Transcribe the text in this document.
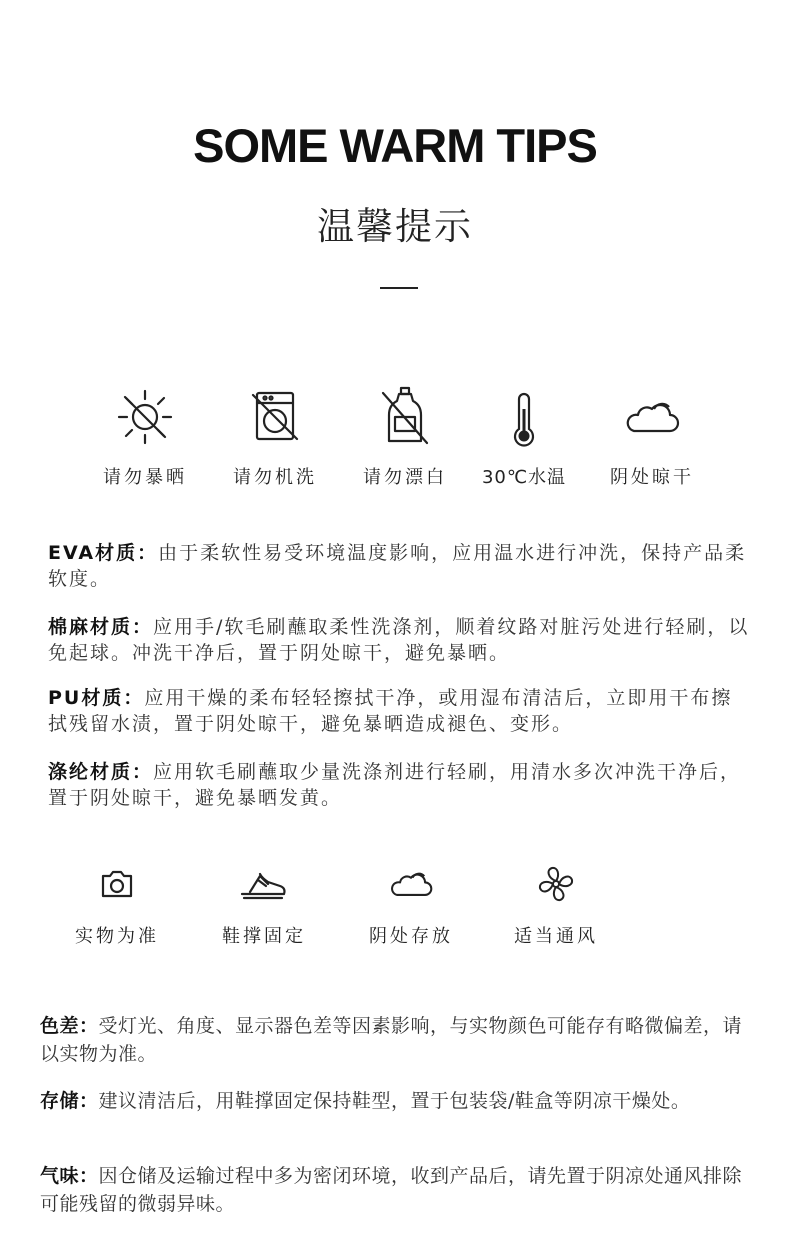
SOME WARM TIPS
温馨提示
请勿暴晒	请勿机洗	请勿漂白	30℃水温	阴处晾干

EVA材质：由于柔软性易受环境温度影响，应用温水进行冲洗，保持产品柔软度。

棉麻材质：应用手/软毛刷蘸取柔性洗涤剂，顺着纹路对脏污处进行轻刷，以免起球。冲洗干净后，置于阴处晾干，避免暴晒。

PU材质：应用干燥的柔布轻轻擦拭干净，或用湿布清洁后，立即用干布擦拭残留水渍，置于阴处晾干，避免暴晒造成褪色、变形。

涤纶材质：应用软毛刷蘸取少量洗涤剂进行轻刷，用清水多次冲洗干净后，置于阴处晾干，避免暴晒发黄。

实物为准	鞋撑固定	阴处存放	适当通风

色差：受灯光、角度、显示器色差等因素影响，与实物颜色可能存有略微偏差，请以实物为准。

存储：建议清洁后，用鞋撑固定保持鞋型，置于包装袋/鞋盒等阴凉干燥处。

气味：因仓储及运输过程中多为密闭环境，收到产品后，请先置于阴凉处通风排除可能残留的微弱异味。
